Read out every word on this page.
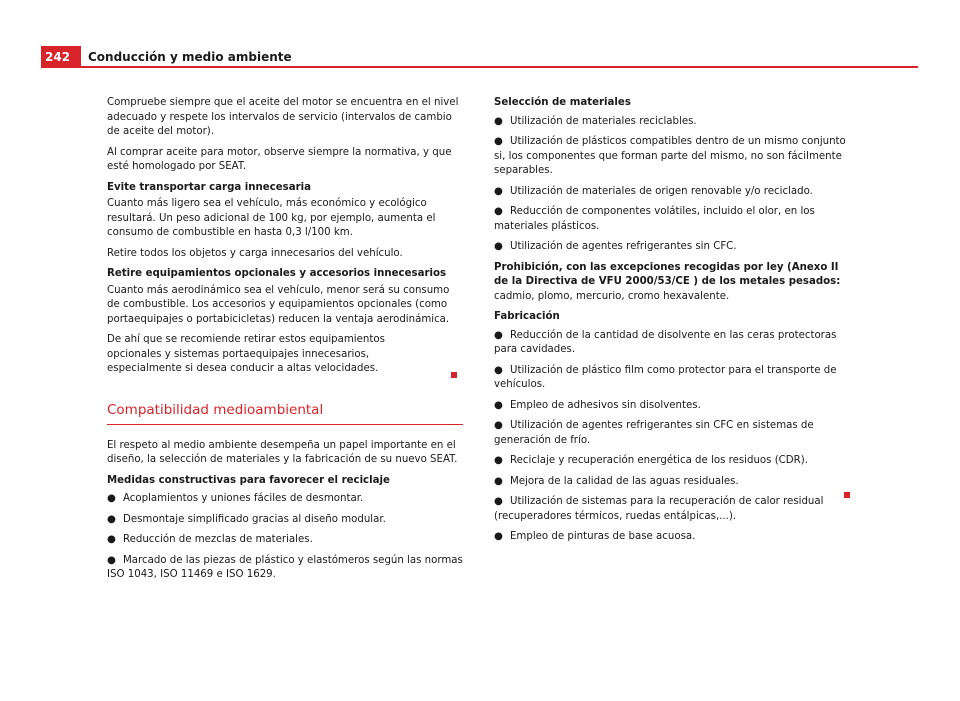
242	Conducción y medio ambiente

Compruebe siempre que el aceite del motor se encuentra en el nivel adecuado y respete los intervalos de servicio (intervalos de cambio de aceite del motor).

Al comprar aceite para motor, observe siempre la normativa, y que esté homologado por SEAT.

Evite transportar carga innecesaria

Cuanto más ligero sea el vehículo, más económico y ecológico resultará. Un peso adicional de 100 kg, por ejemplo, aumenta el consumo de combustible en hasta 0,3 l/100 km.

Retire todos los objetos y carga innecesarios del vehículo.

Retire equipamientos opcionales y accesorios innecesarios

Cuanto más aerodinámico sea el vehículo, menor será su consumo de combustible. Los accesorios y equipamientos opcionales (como portaequipajes o portabicicletas) reducen la ventaja aerodinámica.

De ahí que se recomiende retirar estos equipamientos opcionales y sistemas portaequipajes innecesarios, especialmente si desea conducir a altas velocidades.

Compatibilidad medioambiental

El respeto al medio ambiente desempeña un papel importante en el diseño, la selección de materiales y la fabricación de su nuevo SEAT.

Medidas constructivas para favorecer el reciclaje

● Acoplamientos y uniones fáciles de desmontar.

● Desmontaje simplificado gracias al diseño modular.

● Reducción de mezclas de materiales.

● Marcado de las piezas de plástico y elastómeros según las normas ISO 1043, ISO 11469 e ISO 1629.

Selección de materiales

● Utilización de materiales reciclables.

● Utilización de plásticos compatibles dentro de un mismo conjunto si, los componentes que forman parte del mismo, no son fácilmente separables.

● Utilización de materiales de origen renovable y/o reciclado.

● Reducción de componentes volátiles, incluido el olor, en los materiales plásticos.

● Utilización de agentes refrigerantes sin CFC.

Prohibición, con las excepciones recogidas por ley (Anexo II de la Directiva de VFU 2000/53/CE ) de los metales pesados: cadmio, plomo, mercurio, cromo hexavalente.

Fabricación

● Reducción de la cantidad de disolvente en las ceras protectoras para cavidades.

● Utilización de plástico film como protector para el transporte de vehículos.

● Empleo de adhesivos sin disolventes.

● Utilización de agentes refrigerantes sin CFC en sistemas de generación de frío.

● Reciclaje y recuperación energética de los residuos (CDR).

● Mejora de la calidad de las aguas residuales.

● Utilización de sistemas para la recuperación de calor residual (recuperadores térmicos, ruedas entálpicas,...).

● Empleo de pinturas de base acuosa.
